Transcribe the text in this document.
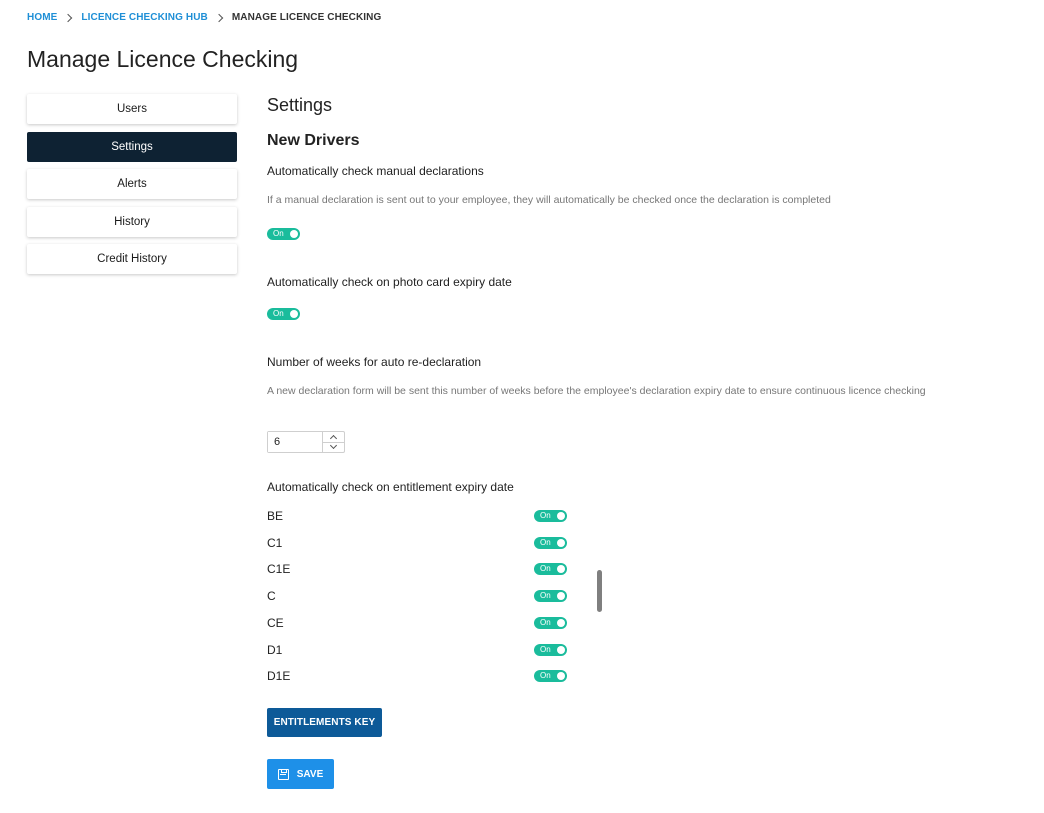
HOME LICENCE CHECKING HUB MANAGE LICENCE CHECKING
Manage Licence Checking
Users
Settings
Alerts
History
Credit History
Settings
New Drivers
Automatically check manual declarations
If a manual declaration is sent out to your employee, they will automatically be checked once the declaration is completed
On
Automatically check on photo card expiry date
On
Number of weeks for auto re-declaration
A new declaration form will be sent this number of weeks before the employee's declaration expiry date to ensure continuous licence checking
6
Automatically check on entitlement expiry date
BE	On
C1	On
C1E	On
C	On
CE	On
D1	On
D1E	On
ENTITLEMENTS KEY
SAVE
